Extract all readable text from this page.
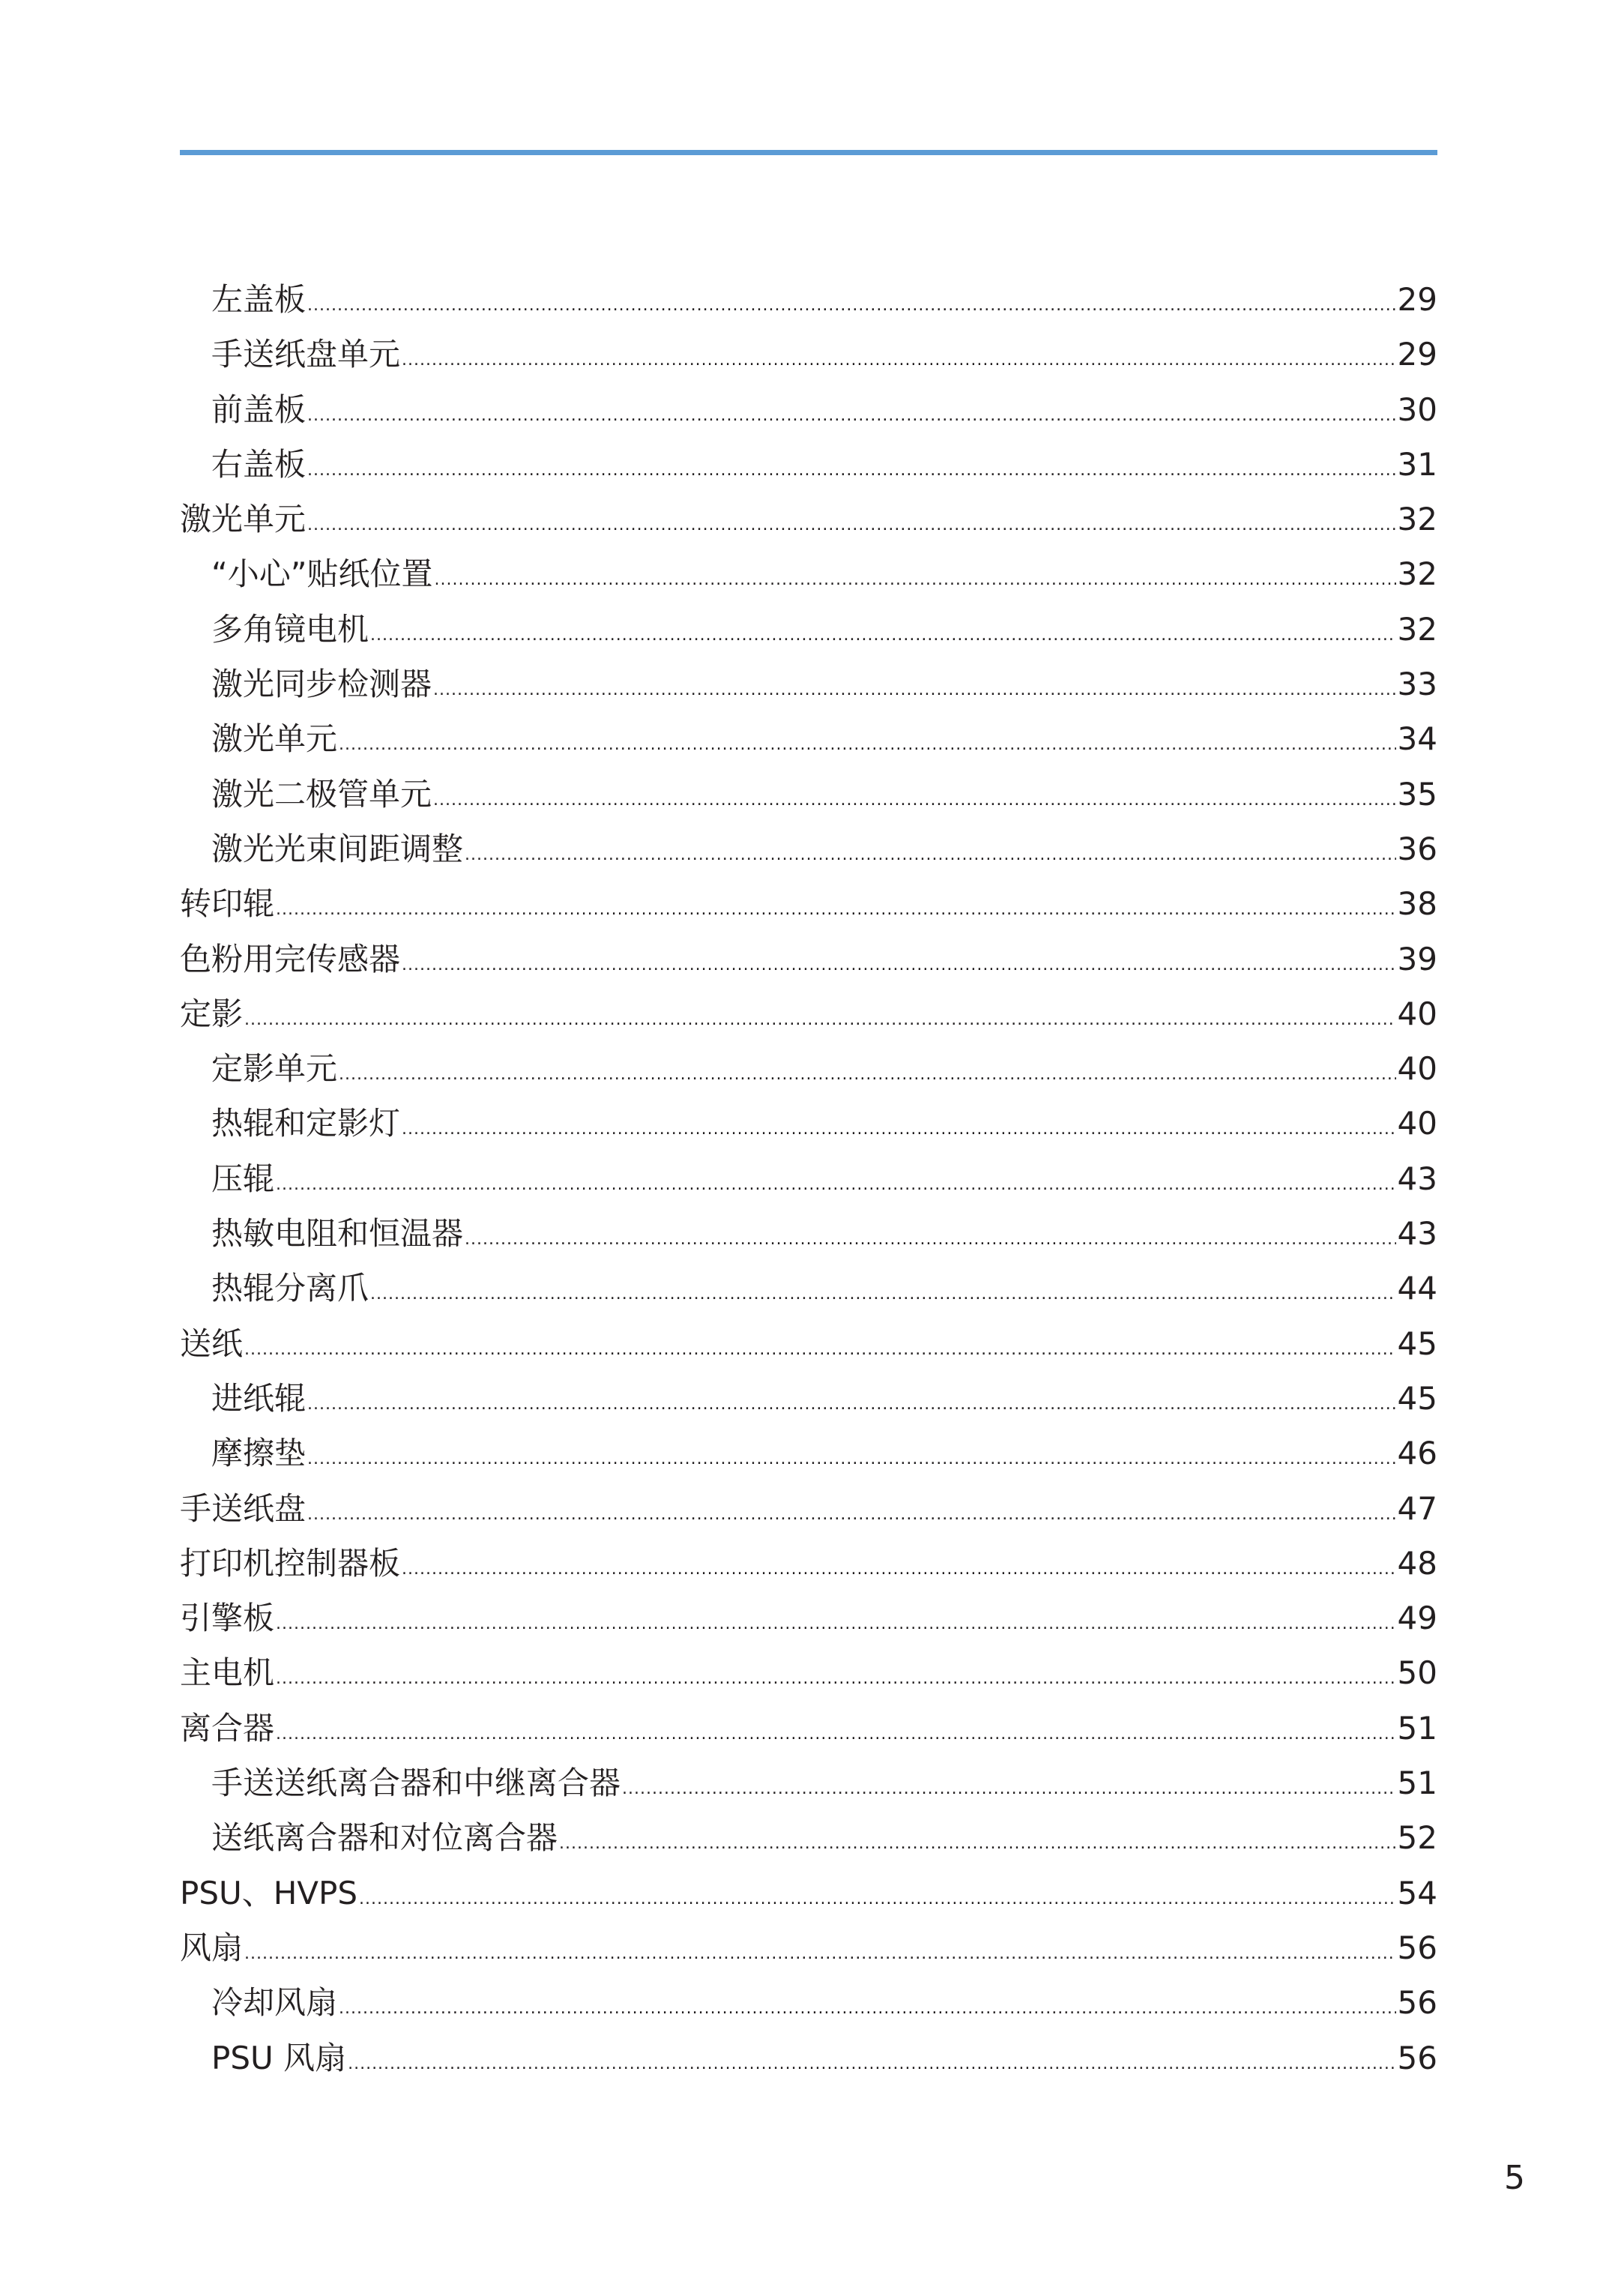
左盖板 .....	29
手送纸盘单元 .....	29
前盖板 .....	30
右盖板 .....	31
激光单元 .....	32
“小心”贴纸位置 .....	32
多角镜电机 .....	32
激光同步检测器 .....	33
激光单元 .....	34
激光二极管单元 .....	35
激光光束间距调整 .....	36
转印辊 .....	38
色粉用完传感器 .....	39
定影 .....	40
定影单元 .....	40
热辊和定影灯 .....	40
压辊 .....	43
热敏电阻和恒温器 .....	43
热辊分离爪 .....	44
送纸 .....	45
进纸辊 .....	45
摩擦垫 .....	46
手送纸盘 .....	47
打印机控制器板 .....	48
引擎板 .....	49
主电机 .....	50
离合器 .....	51
手送送纸离合器和中继离合器 .....	51
送纸离合器和对位离合器 .....	52
PSU、HVPS .....	54
风扇 .....	56
冷却风扇 .....	56
PSU 风扇 .....	56
5
